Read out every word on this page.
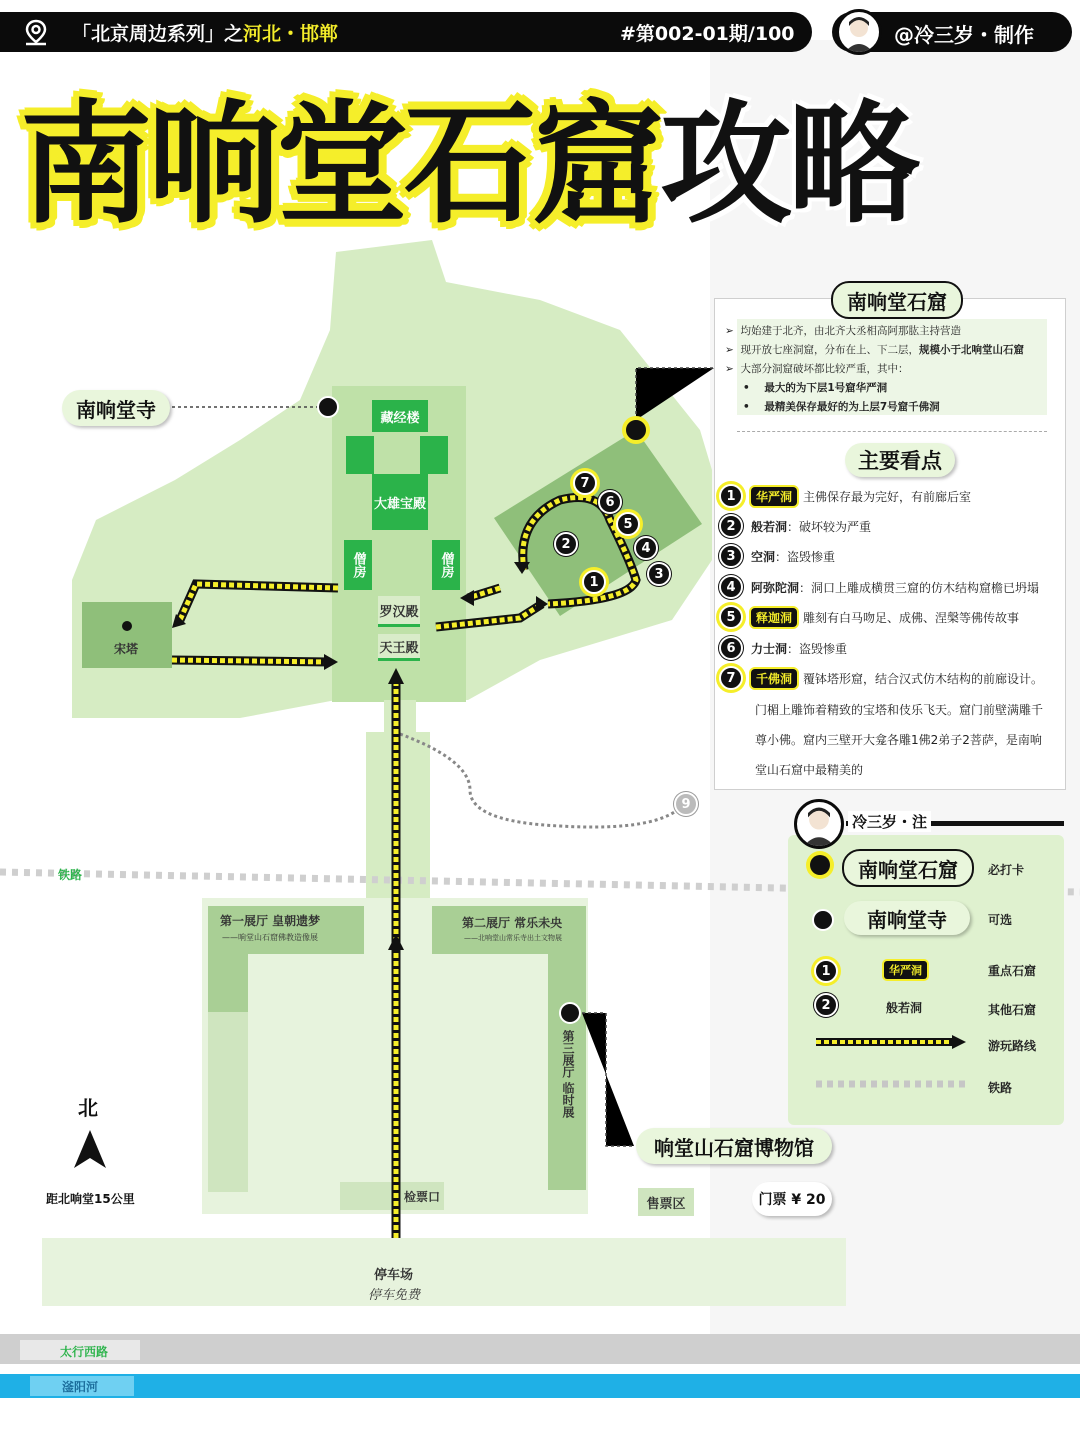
「北京周边系列」之河北・邯郸	#第002-01期/100	@冷三岁・制作
南响堂石窟攻略
藏经楼
大雄宝殿
僧房	僧房
罗汉殿
天王殿
宋塔
7
6
5
4
3
2
1
9
南响堂寺
铁路
第一展厅 皇朝遗梦
——响堂山石窟佛教造像展
第二展厅 常乐未央
——北响堂山常乐寺出土文物展
第三展厅 临时展
响堂山石窟博物馆
检票口	售票区	门票 ¥ 20
停车场
停车免费
北
距北响堂15公里
太行西路
滏阳河
南响堂石窟
➢  均始建于北齐，由北齐大丞相高阿那肱主持营造
➢  现开放七座洞窟，分布在上、下二层，规模小于北响堂山石窟
➢  大部分洞窟破坏都比较严重，其中：
•    最大的为下层1号窟华严洞
•    最精美保存最好的为上层7号窟千佛洞
主要看点
1	华严洞 主佛保存最为完好，有前廊后室
2	般若洞 ：破坏较为严重
3	空洞 ：盗毁惨重
4	阿弥陀洞 ：洞口上雕成横贯三窟的仿木结构窟檐已坍塌
5	释迦洞 雕刻有白马吻足、成佛、涅槃等佛传故事
6	力士洞 ：盗毁惨重
7	千佛洞 覆钵塔形窟，结合汉式仿木结构的前廊设计。
门楣上雕饰着精致的宝塔和伎乐飞天。窟门前壁满雕千
尊小佛。窟内三壁开大龛各雕1佛2弟子2菩萨，是南响
堂山石窟中最精美的
冷三岁・注
南响堂石窟	必打卡
南响堂寺	可选
1	华严洞	重点石窟
2	般若洞	其他石窟
游玩路线
铁路
